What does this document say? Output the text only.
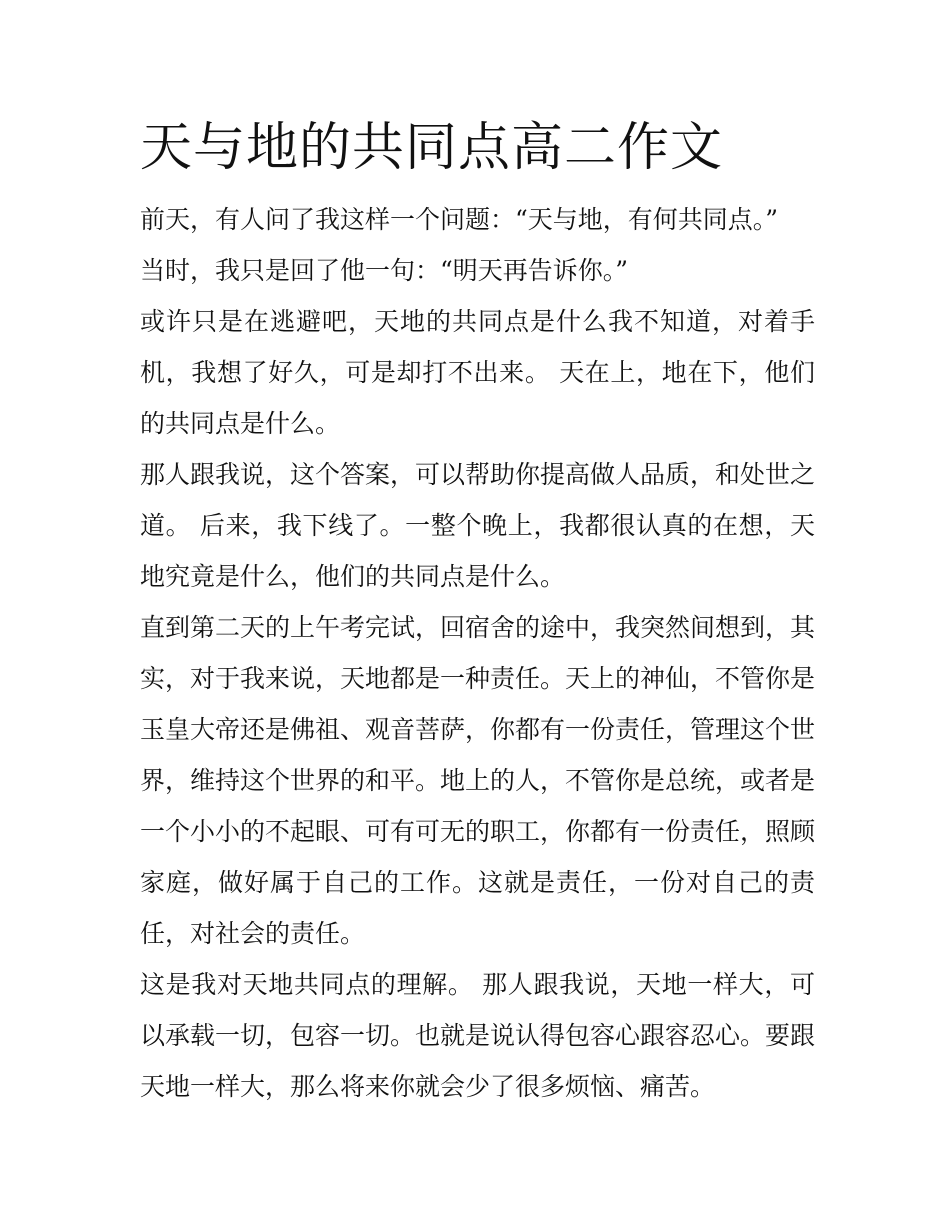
天与地的共同点高二作文

前天，有人问了我这样一个问题：“天与地，有何共同点。”

当时，我只是回了他一句：“明天再告诉你。”

或许只是在逃避吧，天地的共同点是什么我不知道，对着手机，我想了好久，可是却打不出来。 天在上，地在下，他们的共同点是什么。

那人跟我说，这个答案，可以帮助你提高做人品质，和处世之道。 后来，我下线了。一整个晚上，我都很认真的在想，天地究竟是什么，他们的共同点是什么。

直到第二天的上午考完试，回宿舍的途中，我突然间想到，其实，对于我来说，天地都是一种责任。天上的神仙，不管你是玉皇大帝还是佛祖、观音菩萨，你都有一份责任，管理这个世界，维持这个世界的和平。地上的人，不管你是总统，或者是一个小小的不起眼、可有可无的职工，你都有一份责任，照顾家庭，做好属于自己的工作。这就是责任，一份对自己的责任，对社会的责任。

这是我对天地共同点的理解。 那人跟我说，天地一样大，可以承载一切，包容一切。也就是说认得包容心跟容忍心。要跟天地一样大，那么将来你就会少了很多烦恼、痛苦。
